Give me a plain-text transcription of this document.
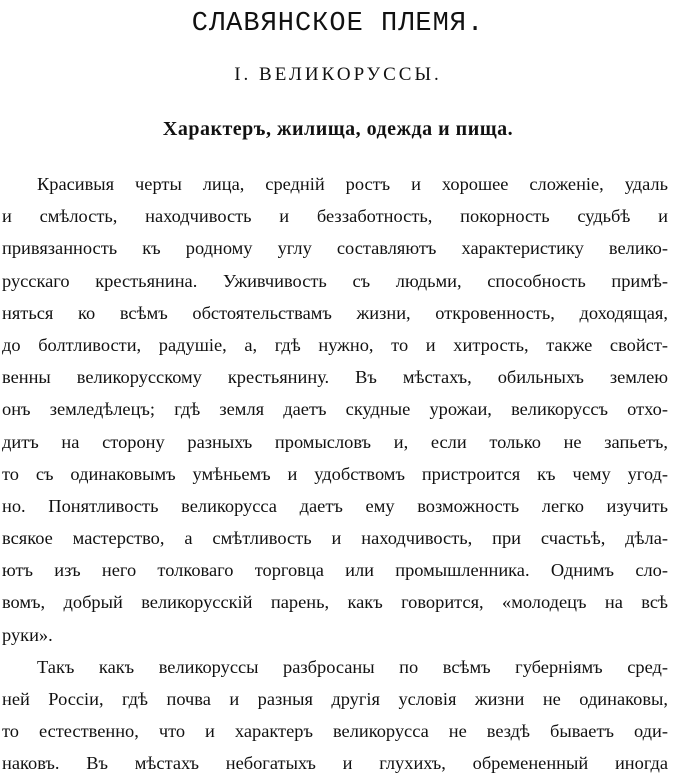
СЛАВЯНСКОЕ ПЛЕМЯ.
I. ВЕЛИКОРУССЫ.
Характеръ, жилища, одежда и пища.
Красивыя черты лица, средній ростъ и хорошее сложеніе, удаль
и смѣлость, находчивость и беззаботность, покорность судьбѣ и
привязанность къ родному углу составляютъ характеристику велико-
русскаго крестьянина. Уживчивость съ людьми, способность примѣ-
няться ко всѣмъ обстоятельствамъ жизни, откровенность, доходящая,
до болтливости, радушіе, а, гдѣ нужно, то и хитрость, также свойст-
венны великорусскому крестьянину. Въ мѣстахъ, обильныхъ землею
онъ земледѣлецъ; гдѣ земля даетъ скудные урожаи, великоруссъ отхо-
дитъ на сторону разныхъ промысловъ и, если только не запьетъ,
то съ одинаковымъ умѣньемъ и удобствомъ пристроится къ чему угод-
но. Понятливость великорусса даетъ ему возможность легко изучить
всякое мастерство, а смѣтливость и находчивость, при счастьѣ, дѣла-
ютъ изъ него толковаго торговца или промышленника. Однимъ сло-
вомъ, добрый великорусскій парень, какъ говорится, «молодецъ на всѣ
руки».
Такъ какъ великоруссы разбросаны по всѣмъ губерніямъ сред-
ней Россіи, гдѣ почва и разныя другія условія жизни не одинаковы,
то естественно, что и характеръ великорусса не вездѣ бываетъ оди-
наковъ. Въ мѣстахъ небогатыхъ и глухихъ, обремененный иногда
